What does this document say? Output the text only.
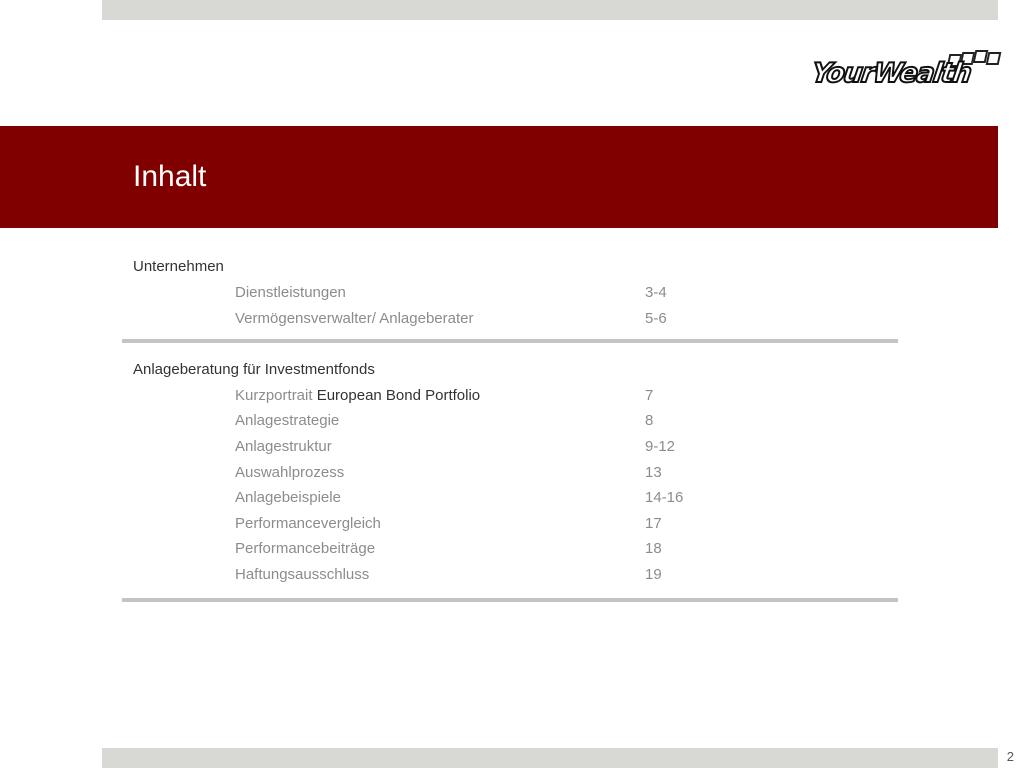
YourWealth
Inhalt
Unternehmen
Dienstleistungen	3-4
Vermögensverwalter/ Anlageberater	5-6
Anlageberatung für Investmentfonds
Kurzportrait European Bond Portfolio	7
Anlagestrategie	8
Anlagestruktur	9-12
Auswahlprozess	13
Anlagebeispiele	14-16
Performancevergleich	17
Performancebeiträge	18
Haftungsausschluss	19
2
